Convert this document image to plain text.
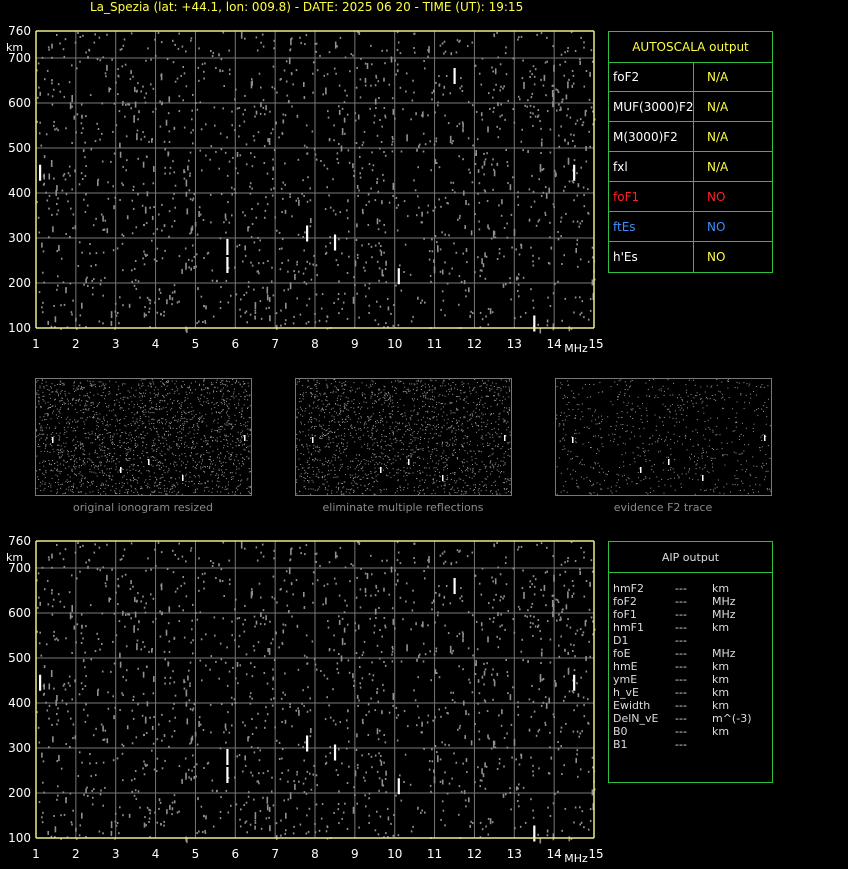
La_Spezia (lat: +44.1, lon: 009.8) - DATE: 2025 06 20 - TIME (UT): 19:15
1	2	3	4	5	6	7	8	9 10 11 12 13 14 15
MHz
100
200
300
400
500
600
700
760
km	AUTOSCALA output
foF2	N/A
MUF(3000)F2 N/A
M(3000)F2 N/A
fxl	N/A
foF1	NO
ftEs	NO
h'Es	NO
original ionogram resized	eliminate multiple reflections	evidence F2 trace
1	2	3	4	5	6	7	8	9 10 11 12 13 14 15
MHz
100
200
300
400
500
600
700
760
km	AIP output
hmF2	--- km
foF2	--- MHz
foF1	--- MHz
hmF1	--- km
D1	---
foE	--- MHz
hmE	--- km
ymE	--- km
h_vE	--- km
Ewidth --- km
DelN_vE --- m^(-3)
B0	--- km
B1	---
